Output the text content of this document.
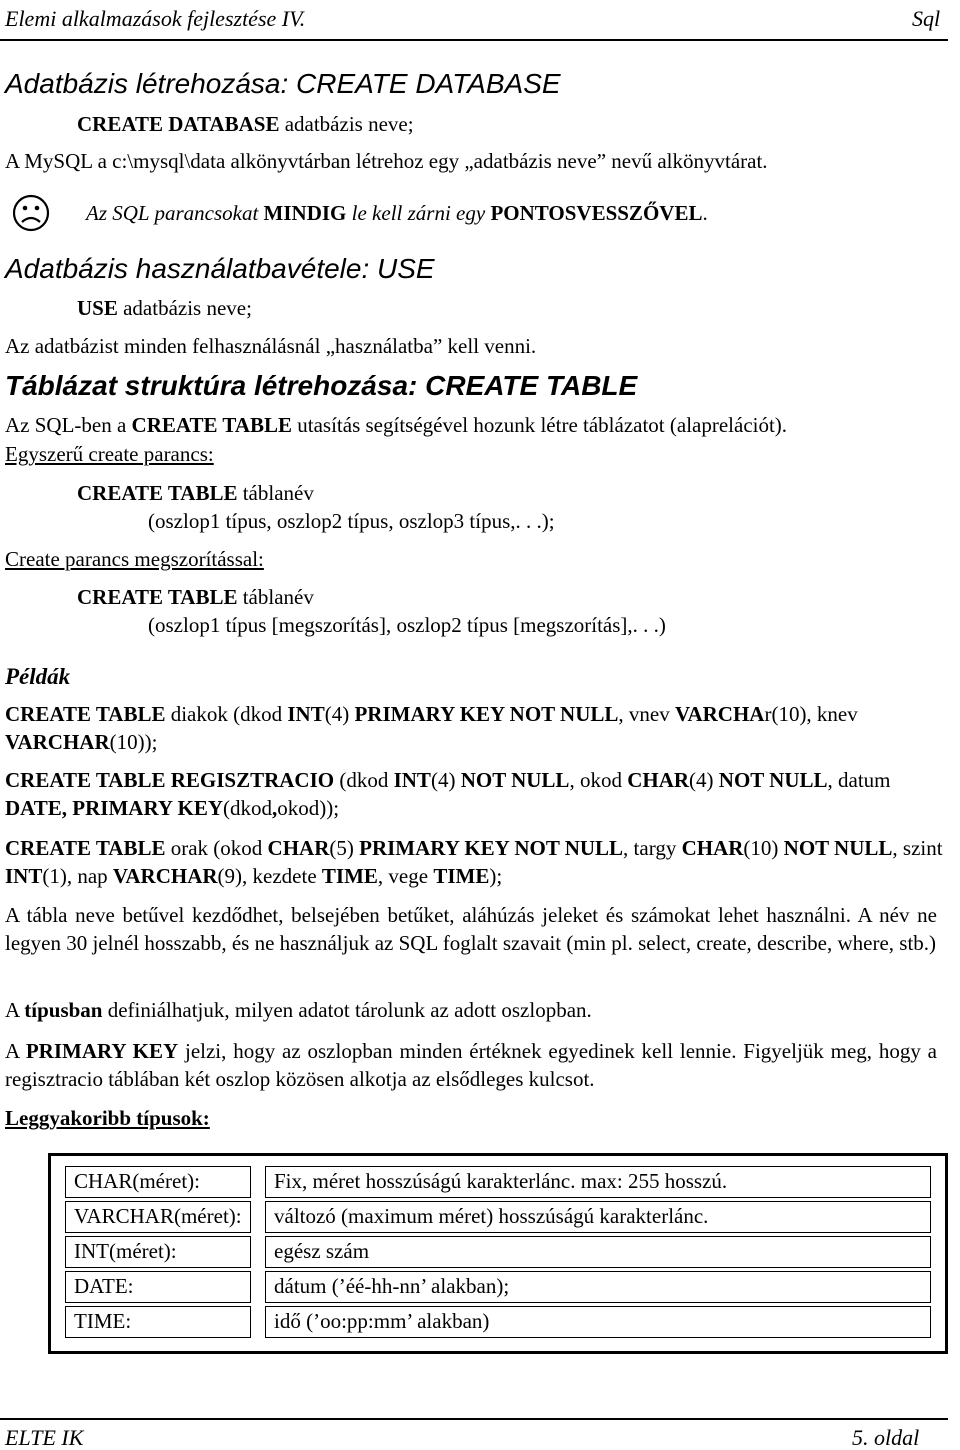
Elemi alkalmazások fejlesztése IV.	Sql
Adatbázis létrehozása: CREATE DATABASE
CREATE DATABASE adatbázis neve;
A MySQL a c:\mysql\data alkönyvtárban létrehoz egy „adatbázis neve” nevű alkönyvtárat.
Az SQL parancsokat MINDIG le kell zárni egy PONTOSVESSZŐVEL.
Adatbázis használatbavétele: USE
USE adatbázis neve;
Az adatbázist minden felhasználásnál „használatba” kell venni.
Táblázat struktúra létrehozása: CREATE TABLE
Az SQL-ben a CREATE TABLE utasítás segítségével hozunk létre táblázatot (alaprelációt).
Egyszerű create parancs:
CREATE TABLE táblanév
(oszlop1 típus, oszlop2 típus, oszlop3 típus,. . .);
Create parancs megszorítással:
CREATE TABLE táblanév
(oszlop1 típus [megszorítás], oszlop2 típus [megszorítás],. . .)
Példák
CREATE TABLE diakok (dkod INT(4) PRIMARY KEY NOT NULL, vnev VARCHAr(10), knev
VARCHAR(10));
CREATE TABLE REGISZTRACIO (dkod INT(4) NOT NULL, okod CHAR(4) NOT NULL, datum
DATE, PRIMARY KEY(dkod,okod));
CREATE TABLE orak (okod CHAR(5) PRIMARY KEY NOT NULL, targy CHAR(10) NOT NULL, szint
INT(1), nap VARCHAR(9), kezdete TIME, vege TIME);
A tábla neve betűvel kezdődhet, belsejében betűket, aláhúzás jeleket és számokat lehet használni. A név ne legyen 30 jelnél hosszabb, és ne használjuk az SQL foglalt szavait (min pl. select, create, describe, where, stb.)
A típusban definiálhatjuk, milyen adatot tárolunk az adott oszlopban.
A PRIMARY KEY jelzi, hogy az oszlopban minden értéknek egyedinek kell lennie. Figyeljük meg, hogy a regisztracio táblában két oszlop közösen alkotja az elsődleges kulcsot.
Leggyakoribb típusok:
CHAR(méret):	Fix, méret hosszúságú karakterlánc. max: 255 hosszú.
VARCHAR(méret):	változó (maximum méret) hosszúságú karakterlánc.
INT(méret):	egész szám
DATE:	dátum (’éé-hh-nn’ alakban);
TIME:	idő (’oo:pp:mm’ alakban)
ELTE IK	5. oldal
